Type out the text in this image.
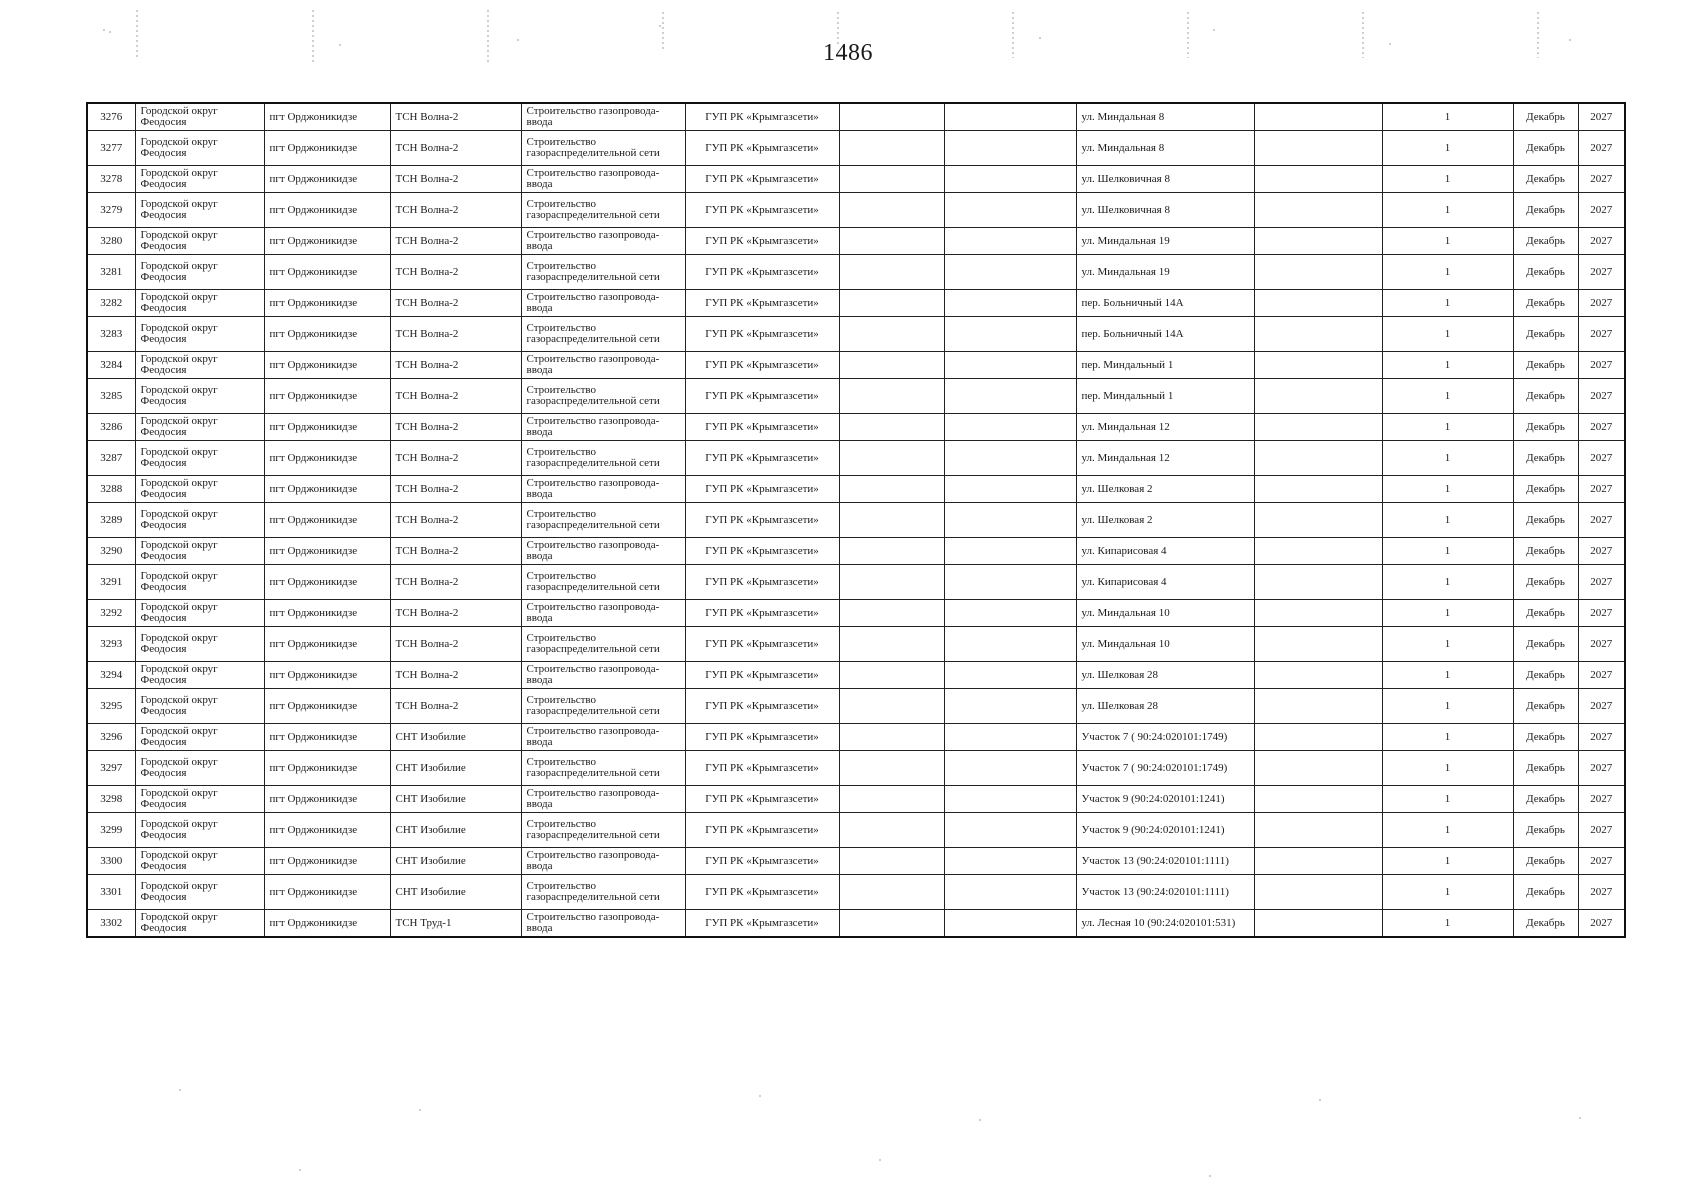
1486
3276	Городской округ Феодосия	пгт Орджоникидзе	ТСН Волна-2	Строительство газопровода-ввода	ГУП РК «Крымгазсети»			ул. Миндальная 8		1	Декабрь	2027
3277	Городской округ Феодосия	пгт Орджоникидзе	ТСН Волна-2	Строительство газораспределительной сети	ГУП РК «Крымгазсети»			ул. Миндальная 8		1	Декабрь	2027
3278	Городской округ Феодосия	пгт Орджоникидзе	ТСН Волна-2	Строительство газопровода-ввода	ГУП РК «Крымгазсети»			ул. Шелковичная 8		1	Декабрь	2027
3279	Городской округ Феодосия	пгт Орджоникидзе	ТСН Волна-2	Строительство газораспределительной сети	ГУП РК «Крымгазсети»			ул. Шелковичная 8		1	Декабрь	2027
3280	Городской округ Феодосия	пгт Орджоникидзе	ТСН Волна-2	Строительство газопровода-ввода	ГУП РК «Крымгазсети»			ул. Миндальная 19		1	Декабрь	2027
3281	Городской округ Феодосия	пгт Орджоникидзе	ТСН Волна-2	Строительство газораспределительной сети	ГУП РК «Крымгазсети»			ул. Миндальная 19		1	Декабрь	2027
3282	Городской округ Феодосия	пгт Орджоникидзе	ТСН Волна-2	Строительство газопровода-ввода	ГУП РК «Крымгазсети»			пер. Больничный 14А		1	Декабрь	2027
3283	Городской округ Феодосия	пгт Орджоникидзе	ТСН Волна-2	Строительство газораспределительной сети	ГУП РК «Крымгазсети»			пер. Больничный 14А		1	Декабрь	2027
3284	Городской округ Феодосия	пгт Орджоникидзе	ТСН Волна-2	Строительство газопровода-ввода	ГУП РК «Крымгазсети»			пер. Миндальный 1		1	Декабрь	2027
3285	Городской округ Феодосия	пгт Орджоникидзе	ТСН Волна-2	Строительство газораспределительной сети	ГУП РК «Крымгазсети»			пер. Миндальный 1		1	Декабрь	2027
3286	Городской округ Феодосия	пгт Орджоникидзе	ТСН Волна-2	Строительство газопровода-ввода	ГУП РК «Крымгазсети»			ул. Миндальная 12		1	Декабрь	2027
3287	Городской округ Феодосия	пгт Орджоникидзе	ТСН Волна-2	Строительство газораспределительной сети	ГУП РК «Крымгазсети»			ул. Миндальная 12		1	Декабрь	2027
3288	Городской округ Феодосия	пгт Орджоникидзе	ТСН Волна-2	Строительство газопровода-ввода	ГУП РК «Крымгазсети»			ул. Шелковая 2		1	Декабрь	2027
3289	Городской округ Феодосия	пгт Орджоникидзе	ТСН Волна-2	Строительство газораспределительной сети	ГУП РК «Крымгазсети»			ул. Шелковая 2		1	Декабрь	2027
3290	Городской округ Феодосия	пгт Орджоникидзе	ТСН Волна-2	Строительство газопровода-ввода	ГУП РК «Крымгазсети»			ул. Кипарисовая 4		1	Декабрь	2027
3291	Городской округ Феодосия	пгт Орджоникидзе	ТСН Волна-2	Строительство газораспределительной сети	ГУП РК «Крымгазсети»			ул. Кипарисовая 4		1	Декабрь	2027
3292	Городской округ Феодосия	пгт Орджоникидзе	ТСН Волна-2	Строительство газопровода-ввода	ГУП РК «Крымгазсети»			ул. Миндальная 10		1	Декабрь	2027
3293	Городской округ Феодосия	пгт Орджоникидзе	ТСН Волна-2	Строительство газораспределительной сети	ГУП РК «Крымгазсети»			ул. Миндальная 10		1	Декабрь	2027
3294	Городской округ Феодосия	пгт Орджоникидзе	ТСН Волна-2	Строительство газопровода-ввода	ГУП РК «Крымгазсети»			ул. Шелковая 28		1	Декабрь	2027
3295	Городской округ Феодосия	пгт Орджоникидзе	ТСН Волна-2	Строительство газораспределительной сети	ГУП РК «Крымгазсети»			ул. Шелковая 28		1	Декабрь	2027
3296	Городской округ Феодосия	пгт Орджоникидзе	СНТ Изобилие	Строительство газопровода-ввода	ГУП РК «Крымгазсети»			Участок 7 ( 90:24:020101:1749)		1	Декабрь	2027
3297	Городской округ Феодосия	пгт Орджоникидзе	СНТ Изобилие	Строительство газораспределительной сети	ГУП РК «Крымгазсети»			Участок 7 ( 90:24:020101:1749)		1	Декабрь	2027
3298	Городской округ Феодосия	пгт Орджоникидзе	СНТ Изобилие	Строительство газопровода-ввода	ГУП РК «Крымгазсети»			Участок 9 (90:24:020101:1241)		1	Декабрь	2027
3299	Городской округ Феодосия	пгт Орджоникидзе	СНТ Изобилие	Строительство газораспределительной сети	ГУП РК «Крымгазсети»			Участок 9 (90:24:020101:1241)		1	Декабрь	2027
3300	Городской округ Феодосия	пгт Орджоникидзе	СНТ Изобилие	Строительство газопровода-ввода	ГУП РК «Крымгазсети»			Участок 13 (90:24:020101:1111)		1	Декабрь	2027
3301	Городской округ Феодосия	пгт Орджоникидзе	СНТ Изобилие	Строительство газораспределительной сети	ГУП РК «Крымгазсети»			Участок 13 (90:24:020101:1111)		1	Декабрь	2027
3302	Городской округ Феодосия	пгт Орджоникидзе	ТСН Труд-1	Строительство газопровода-ввода	ГУП РК «Крымгазсети»			ул. Лесная 10 (90:24:020101:531)		1	Декабрь	2027
